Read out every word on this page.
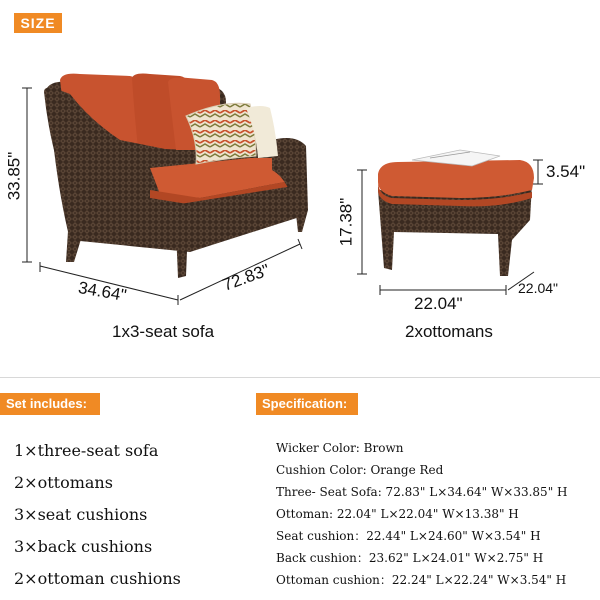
SIZE
33.85"
34.64"	72.83"
1x3-seat sofa
3.54"
17.38"
22.04"
22.04"
2xottomans
Set includes:
1×three-seat sofa
2×ottomans
3×seat cushions
3×back cushions
2×ottoman cushions
Specification:
Wicker Color: Brown
Cushion Color: Orange Red
Three- Seat Sofa: 72.83" L×34.64" W×33.85" H
Ottoman: 22.04" L×22.04" W×13.38" H
Seat cushion：22.44" L×24.60" W×3.54" H
Back cushion：23.62" L×24.01" W×2.75" H
Ottoman cushion：22.24" L×22.24" W×3.54" H
